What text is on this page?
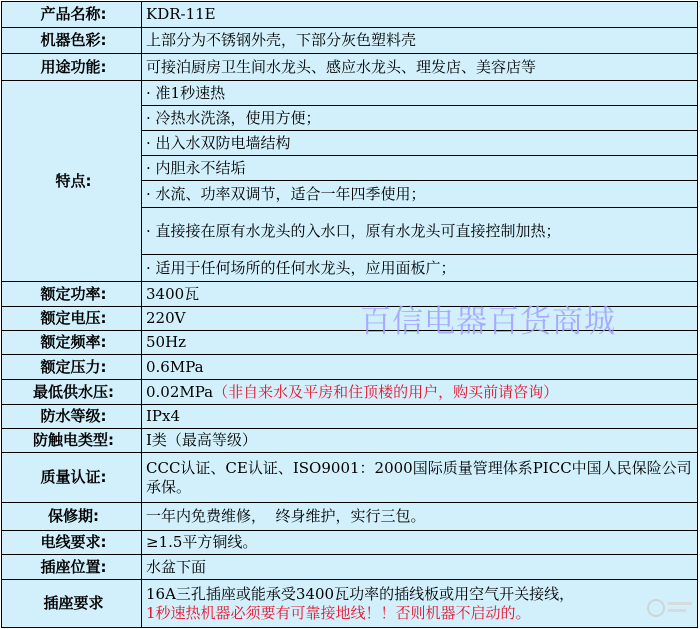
产品名称:	KDR-11E
机器色彩:	上部分为不锈钢外壳，下部分灰色塑料壳
用途功能:	可接泊厨房卫生间水龙头、感应水龙头、理发店、美容店等
特点:	· 准1秒速热
	· 冷热水洗涤，使用方便；
	· 出入水双防电墙结构
	· 内胆永不结垢
	· 水流、功率双调节，适合一年四季使用；
	· 直接接在原有水龙头的入水口，原有水龙头可直接控制加热；
	· 适用于任何场所的任何水龙头，应用面板广；
额定功率:	3400瓦
额定电压:	220V
额定频率:	50Hz
额定压力:	0.6MPa
最低供水压:	0.02MPa（非自来水及平房和住顶楼的用户，购买前请咨询）
防水等级:	IPx4
防触电类型:	I类（最高等级）
质量认证:	CCC认证、CE认证、ISO9001：2000国际质量管理体系PICC中国人民保险公司承保。
保修期:	一年内免费维修，  终身维护，实行三包。
电线要求:	≥1.5平方铜线。
插座位置:	水盆下面
插座要求	16A三孔插座或能承受3400瓦功率的插线板或用空气开关接线，
1秒速热机器必须要有可靠接地线！！否则机器不启动的。
百信电器百货商城
